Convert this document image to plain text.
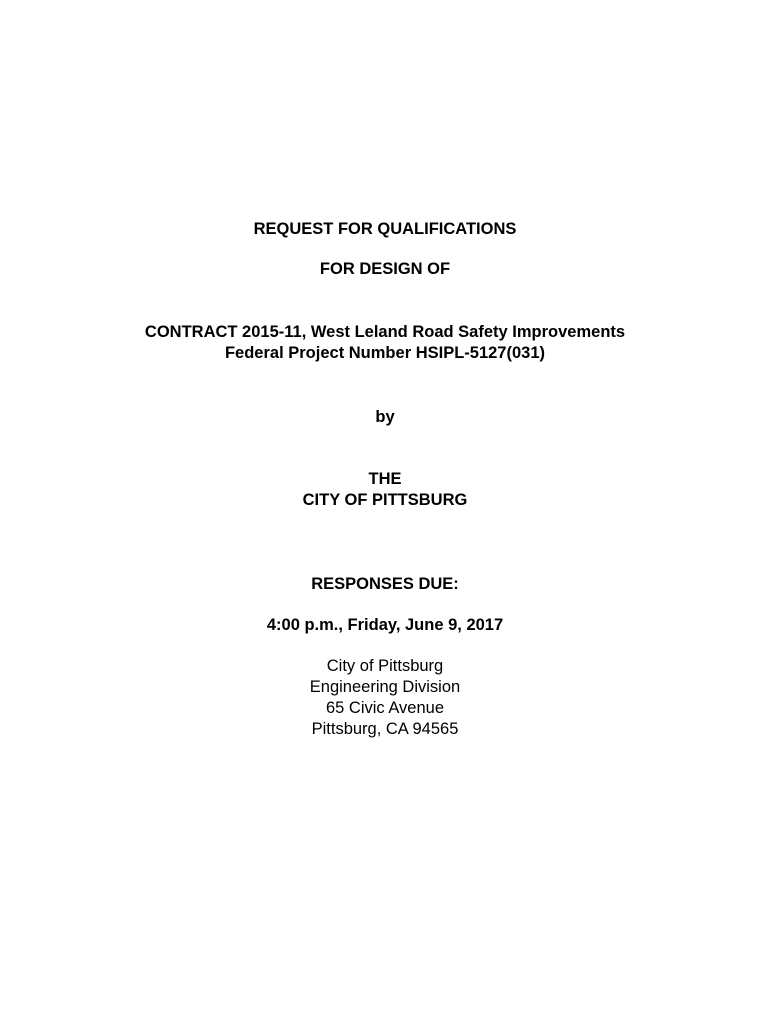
REQUEST FOR QUALIFICATIONS
FOR DESIGN OF
CONTRACT 2015-11, West Leland Road Safety Improvements
Federal Project Number HSIPL-5127(031)
by
THE
CITY OF PITTSBURG
RESPONSES DUE:
4:00 p.m., Friday, June 9, 2017
City of Pittsburg
Engineering Division
65 Civic Avenue
Pittsburg, CA 94565
